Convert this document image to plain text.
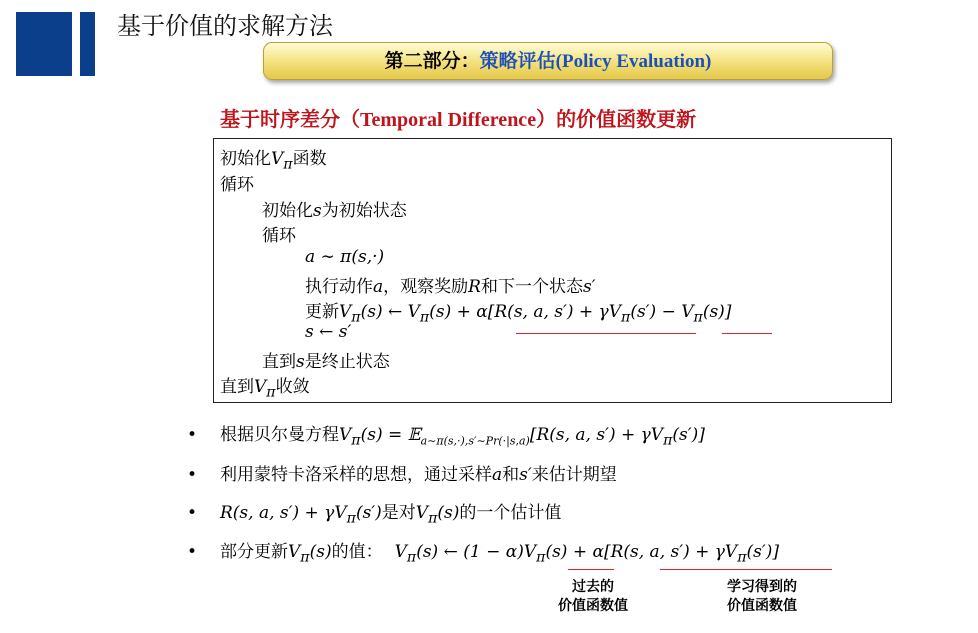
基于价值的求解方法
第二部分：策略评估(Policy Evaluation)
基于时序差分（Temporal Difference）的价值函数更新
初始化$V_\pi$函数
循环
初始化s为初始状态
循环
a ∼ π(s,·)
执行动作a，观察奖励R和下一个状态s′
更新$V_\pi(s)$ ← $V_\pi(s) + \alpha[R(s$, a, $s') + \gamma V_\pi(s') - V_\pi(s)$]
s ← s′
直到s是终止状态
直到$V_\pi$收敛
• 根据贝尔曼方程$V_\pi(s)$ = 𝔼$_{a\sim\pi(s,\cdot),s'\sim Pr(\cdot|s,a)}$[R(s, a, $s') + \gamma V_\pi(s')$]
• 利用蒙特卡洛采样的思想，通过采样a和s′来估计期望
• R(s, a, $s') + \gamma V_\pi(s')$是对$V_\pi(s)$的一个估计值
• 部分更新$V_\pi(s)$的值： $V_\pi(s)$ ← $(1 - \alpha)V_\pi(s) + \alpha[R(s$, a, $s') + \gamma V_\pi(s')$]
过去的
价值函数值
学习得到的
价值函数值
